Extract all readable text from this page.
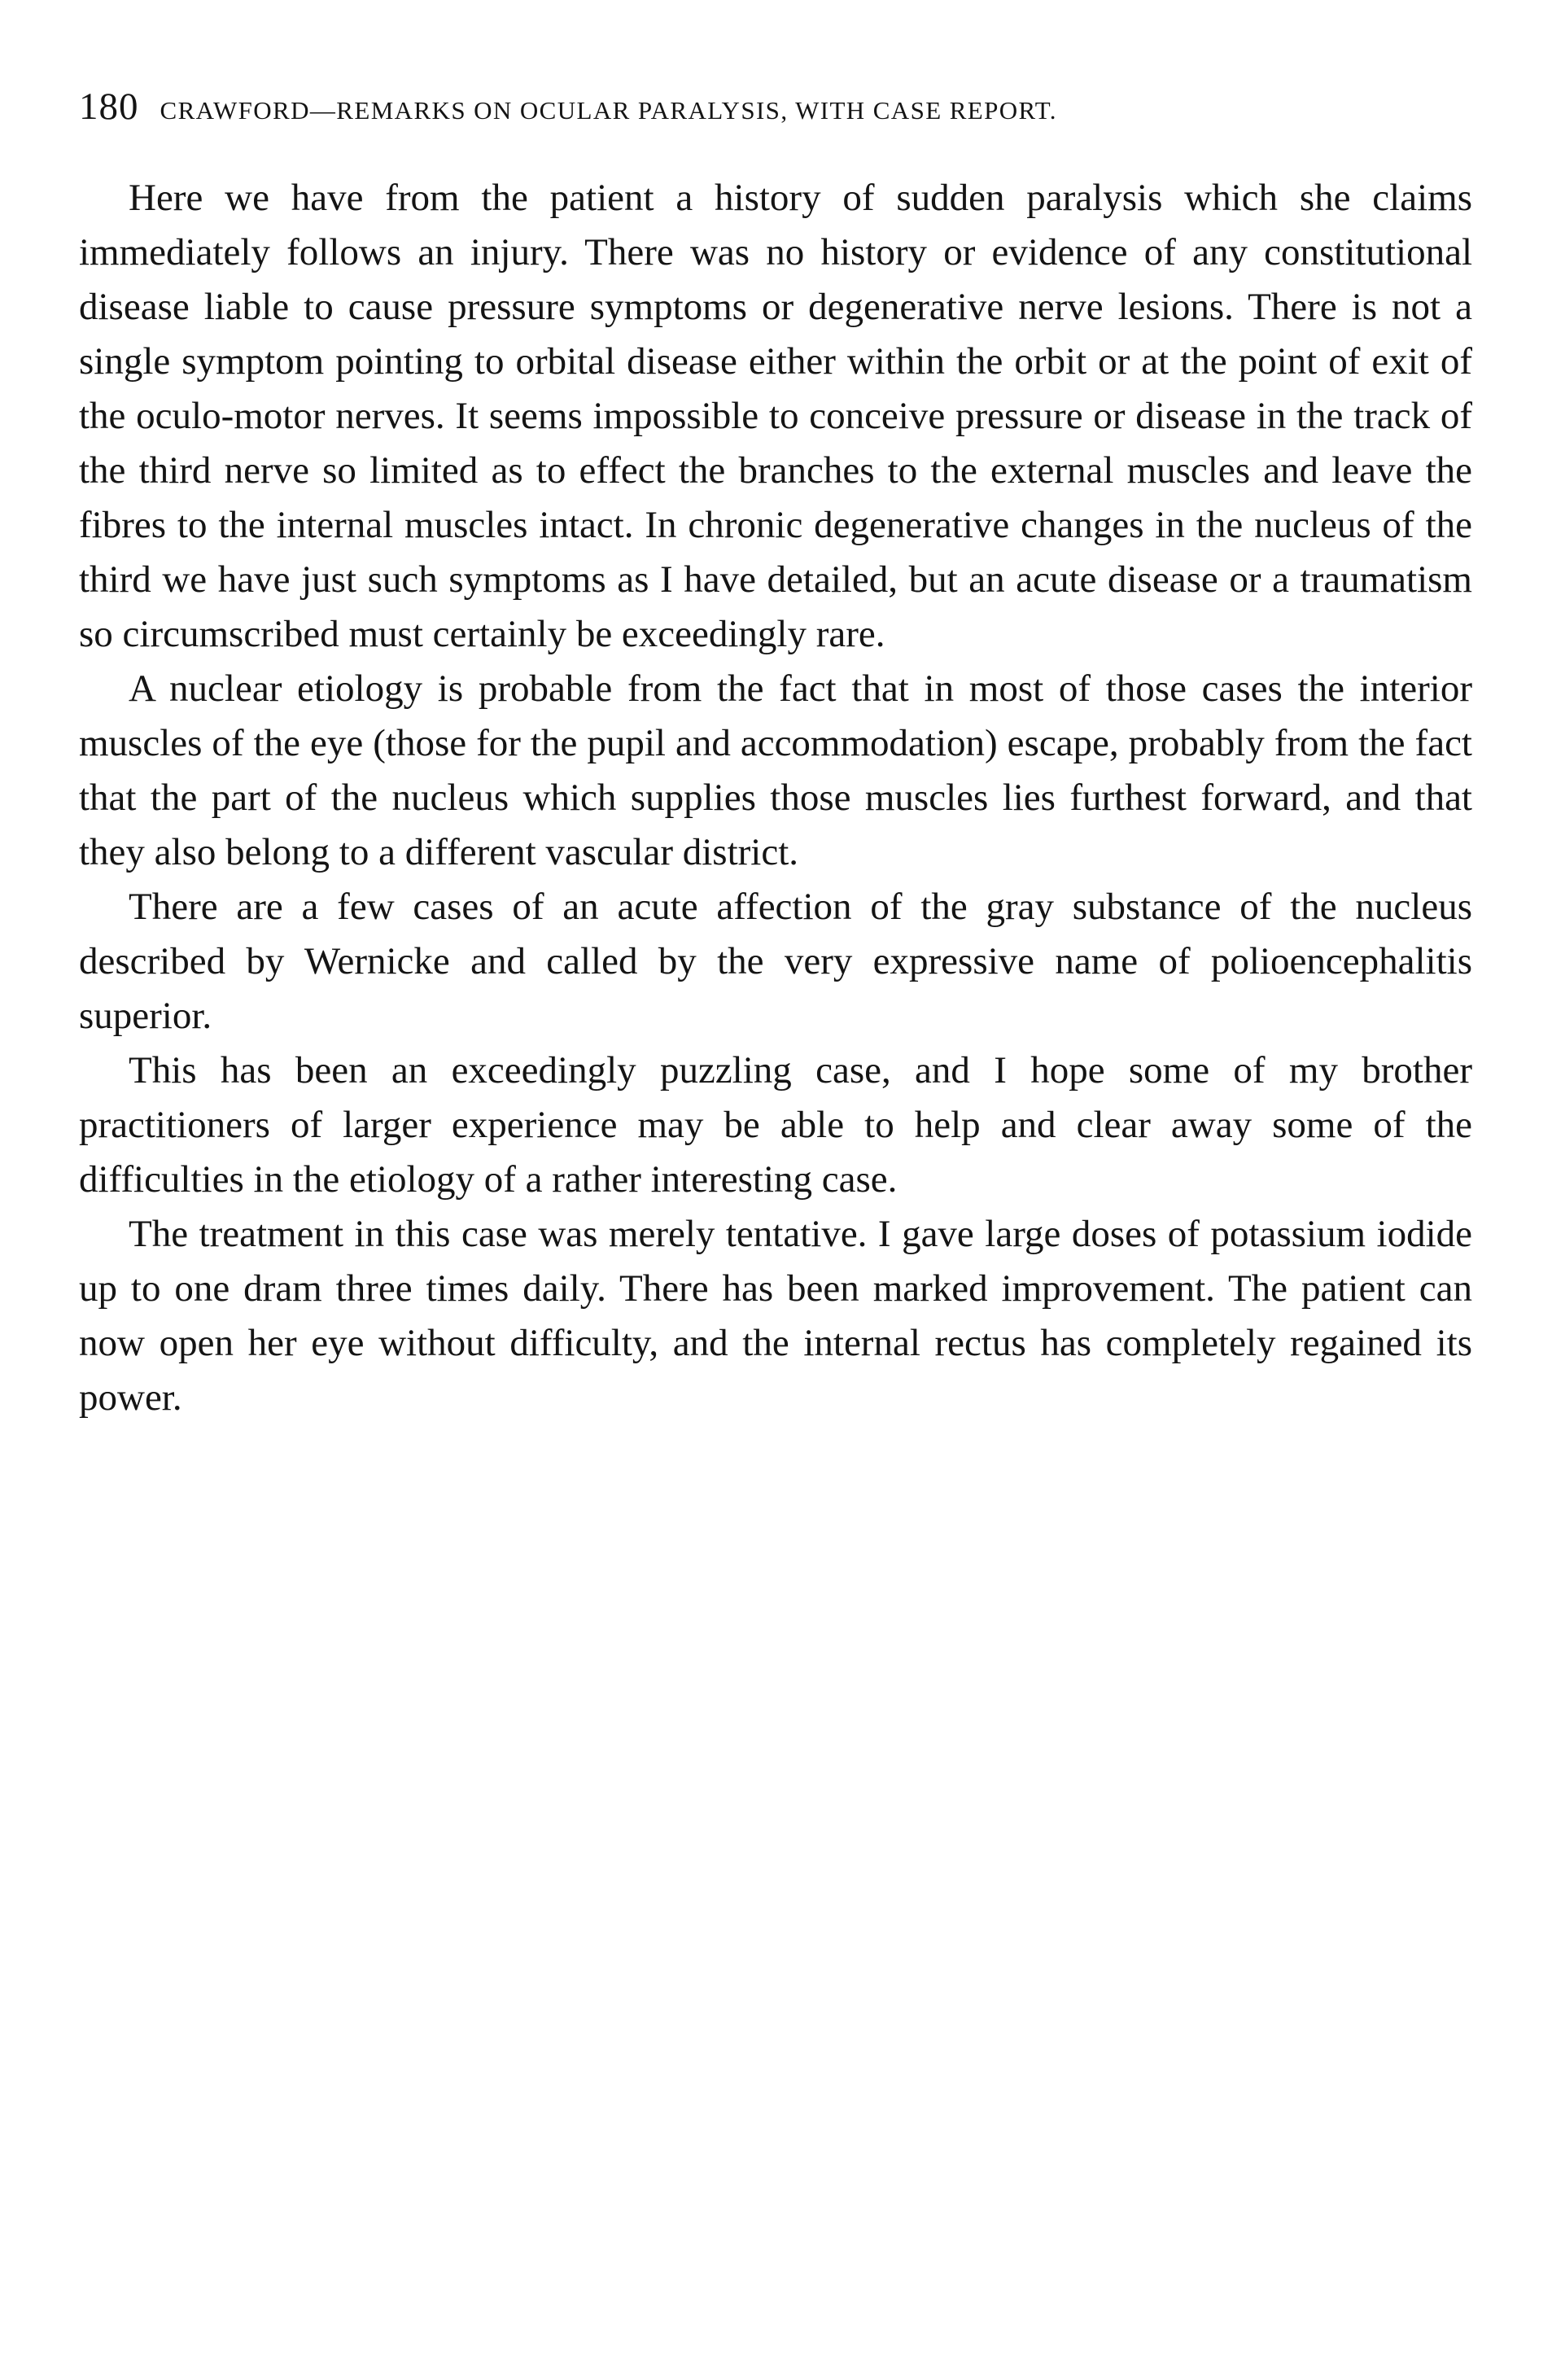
180 CRAWFORD—REMARKS ON OCULAR PARALYSIS, WITH CASE REPORT.

Here we have from the patient a history of sudden paralysis which she claims immediately follows an injury. There was no history or evidence of any constitutional disease liable to cause pressure symptoms or degenerative nerve lesions. There is not a single symptom pointing to orbital disease either within the orbit or at the point of exit of the oculo-motor nerves. It seems impossible to conceive pressure or disease in the track of the third nerve so limited as to effect the branches to the external muscles and leave the fibres to the internal muscles intact. In chronic degenerative changes in the nucleus of the third we have just such symptoms as I have detailed, but an acute disease or a traumatism so circumscribed must certainly be exceedingly rare.

A nuclear etiology is probable from the fact that in most of those cases the interior muscles of the eye (those for the pupil and accommodation) escape, probably from the fact that the part of the nucleus which supplies those muscles lies furthest forward, and that they also belong to a different vascular district.

There are a few cases of an acute affection of the gray substance of the nucleus described by Wernicke and called by the very expressive name of polioencephalitis superior.

This has been an exceedingly puzzling case, and I hope some of my brother practitioners of larger experience may be able to help and clear away some of the difficulties in the etiology of a rather interesting case.

The treatment in this case was merely tentative. I gave large doses of potassium iodide up to one dram three times daily. There has been marked improvement. The patient can now open her eye without difficulty, and the internal rectus has completely regained its power.
